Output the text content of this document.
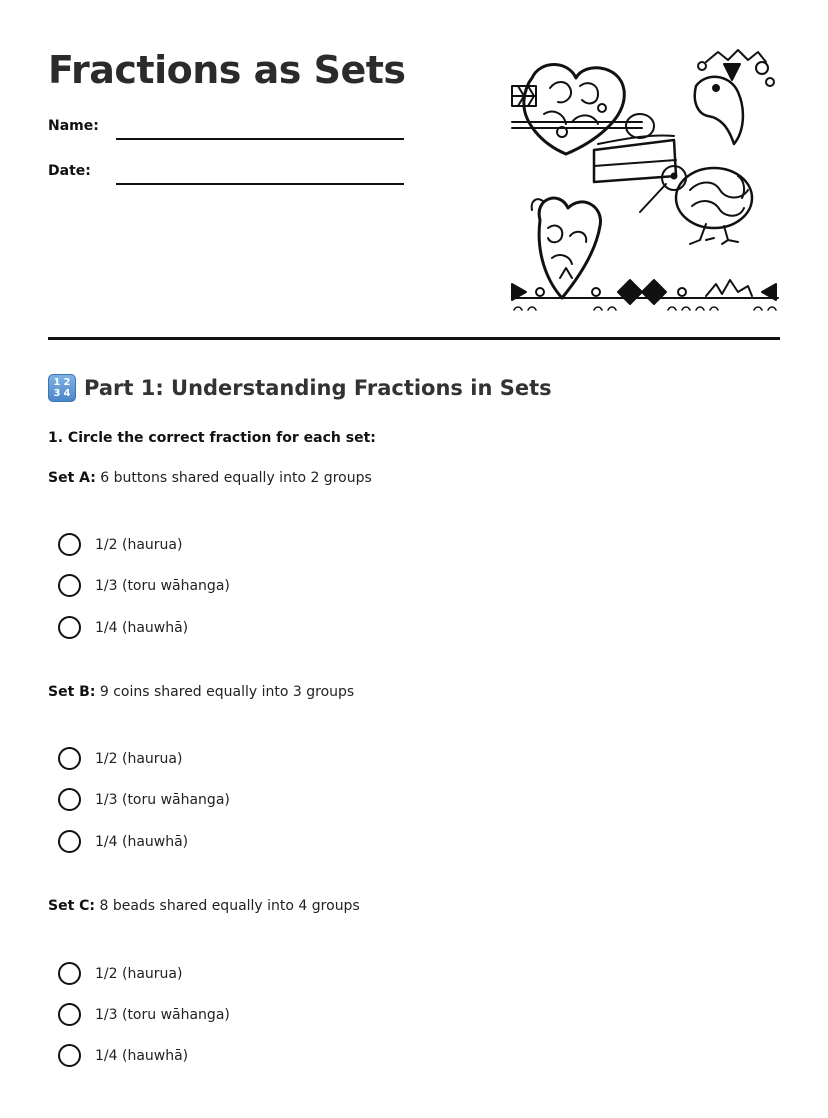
Fractions as Sets
Name:
Date:
1 2
3 4 Part 1: Understanding Fractions in Sets
1. Circle the correct fraction for each set:
Set A: 6 buttons shared equally into 2 groups
1/2 (haurua)
1/3 (toru wāhanga)
1/4 (hauwhā)
Set B: 9 coins shared equally into 3 groups
1/2 (haurua)
1/3 (toru wāhanga)
1/4 (hauwhā)
Set C: 8 beads shared equally into 4 groups
1/2 (haurua)
1/3 (toru wāhanga)
1/4 (hauwhā)
